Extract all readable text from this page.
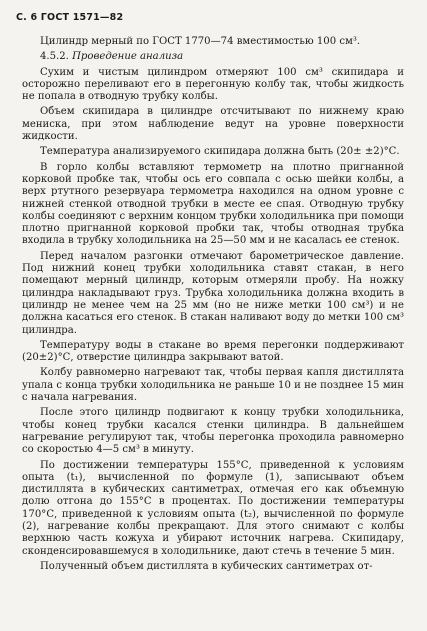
С. 6 ГОСТ 1571—82

Цилиндр мерный по ГОСТ 1770—74 вместимостью 100 см³.

4.5.2. Проведение анализа

Сухим и чистым цилиндром отмеряют 100 см³ скипидара и осторожно переливают его в перегонную колбу так, чтобы жидкость не попала в отводную трубку колбы.

Объем скипидара в цилиндре отсчитывают по нижнему краю мениска, при этом наблюдение ведут на уровне поверхности жидкости.

Температура анализируемого скипидара должна быть (20± ±2)°С.

В горло колбы вставляют термометр на плотно пригнанной корковой пробке так, чтобы ось его совпала с осью шейки колбы, а верх ртутного резервуара термометра находился на одном уровне с нижней стенкой отводной трубки в месте ее спая. Отводную трубку колбы соединяют с верхним концом трубки холодильника при помощи плотно пригнанной корковой пробки так, чтобы отводная трубка входила в трубку холодильника на 25—50 мм и не касалась ее стенок.

Перед началом разгонки отмечают барометрическое давление. Под нижний конец трубки холодильника ставят стакан, в него помещают мерный цилиндр, которым отмеряли пробу. На ножку цилиндра накладывают груз. Трубка холодильника должна входить в цилиндр не менее чем на 25 мм (но не ниже метки 100 см³) и не должна касаться его стенок. В стакан наливают воду до метки 100 см³ цилиндра.

Температуру воды в стакане во время перегонки поддерживают (20±2)°С, отверстие цилиндра закрывают ватой.

Колбу равномерно нагревают так, чтобы первая капля дистиллята упала с конца трубки холодильника не раньше 10 и не позднее 15 мин с начала нагревания.

После этого цилиндр подвигают к концу трубки холодильника, чтобы конец трубки касался стенки цилиндра. В дальнейшем нагревание регулируют так, чтобы перегонка проходила равномерно со скоростью 4—5 см³ в минуту.

По достижении температуры 155°С, приведенной к условиям опыта (t₁), вычисленной по формуле (1), записывают объем дистиллята в кубических сантиметрах, отмечая его как объемную долю отгона до 155°С в процентах. По достижении температуры 170°С, приведенной к условиям опыта (t₂), вычисленной по формуле (2), нагревание колбы прекращают. Для этого снимают с колбы верхнюю часть кожуха и убирают источник нагрева. Скипидару, сконденсировавшемуся в холодильнике, дают стечь в течение 5 мин.

Полученный объем дистиллята в кубических сантиметрах от-
